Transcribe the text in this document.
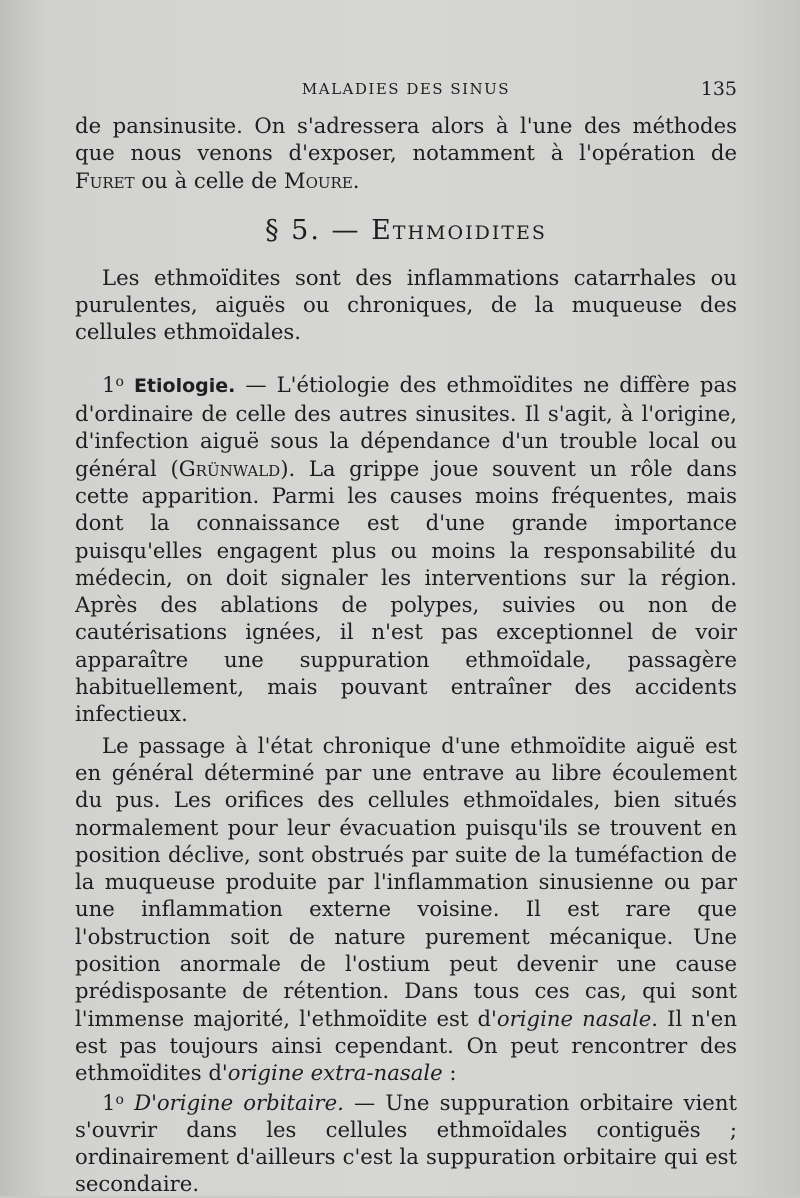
MALADIES DES SINUS	135

de pansinusite. On s'adressera alors à l'une des méthodes que nous venons d'exposer, notamment à l'opération de Furet ou à celle de Moure.

§ 5. — Ethmoidites

Les ethmoïdites sont des inflammations catarrhales ou purulentes, aiguës ou chroniques, de la muqueuse des cellules ethmoïdales.

1$^o$ Etiologie. — L'étiologie des ethmoïdites ne diffère pas d'ordinaire de celle des autres sinusites. Il s'agit, à l'origine, d'infection aiguë sous la dépendance d'un trouble local ou général (Grünwald). La grippe joue souvent un rôle dans cette apparition. Parmi les causes moins fréquentes, mais dont la connaissance est d'une grande importance puisqu'elles engagent plus ou moins la responsabilité du médecin, on doit signaler les interventions sur la région. Après des ablations de polypes, suivies ou non de cautérisations ignées, il n'est pas exceptionnel de voir apparaître une suppuration ethmoïdale, passagère habituellement, mais pouvant entraîner des accidents infectieux.

Le passage à l'état chronique d'une ethmoïdite aiguë est en général déterminé par une entrave au libre écoulement du pus. Les orifices des cellules ethmoïdales, bien situés normalement pour leur évacuation puisqu'ils se trouvent en position déclive, sont obstrués par suite de la tuméfaction de la muqueuse produite par l'inflammation sinusienne ou par une inflammation externe voisine. Il est rare que l'obstruction soit de nature purement mécanique. Une position anormale de l'ostium peut devenir une cause prédisposante de rétention. Dans tous ces cas, qui sont l'immense majorité, l'ethmoïdite est d'origine nasale. Il n'en est pas toujours ainsi cependant. On peut rencontrer des ethmoïdites d'origine extra-nasale :

1$^o$ D'origine orbitaire. — Une suppuration orbitaire vient s'ouvrir dans les cellules ethmoïdales contiguës ; ordinairement d'ailleurs c'est la suppuration orbitaire qui est secondaire.
